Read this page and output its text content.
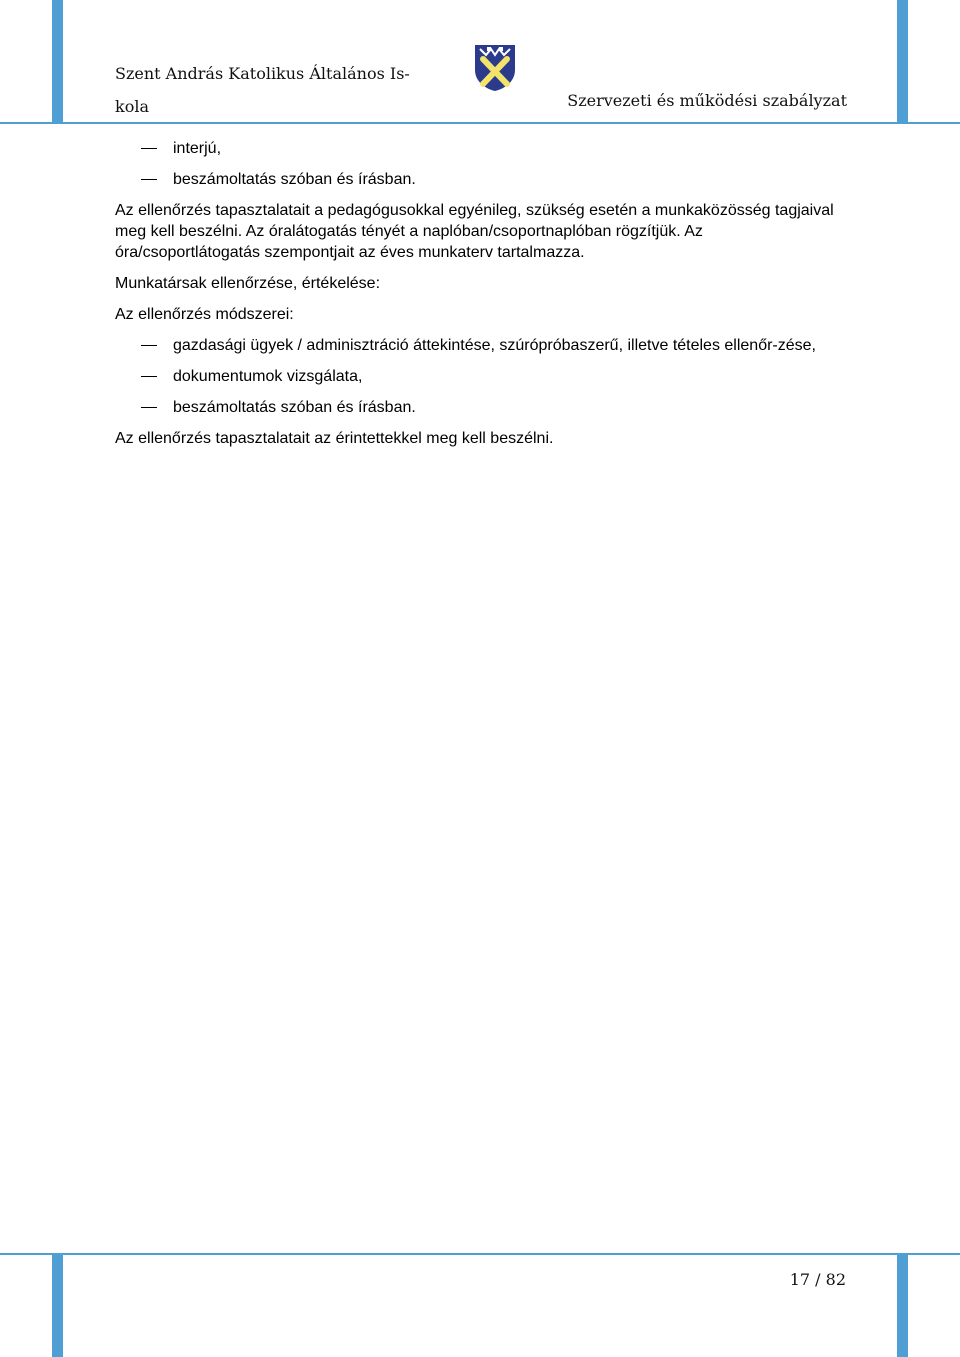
Szent András Katolikus Általános Is-
kola	Szervezeti és működési szabályzat
interjú,
beszámoltatás szóban és írásban.

Az ellenőrzés tapasztalatait a pedagógusokkal egyénileg, szükség esetén a munkaközösség tagjaival meg kell beszélni. Az óralátogatás tényét a naplóban/csoportnaplóban rögzítjük. Az óra/csoportlátogatás szempontjait az éves munkaterv tartalmazza.

Munkatársak ellenőrzése, értékelése:

Az ellenőrzés módszerei:

gazdasági ügyek / adminisztráció áttekintése, szúrópróbaszerű, illetve tételes ellenőr-zése,
dokumentumok vizsgálata,
beszámoltatás szóban és írásban.

Az ellenőrzés tapasztalatait az érintettekkel meg kell beszélni.

17 / 82
